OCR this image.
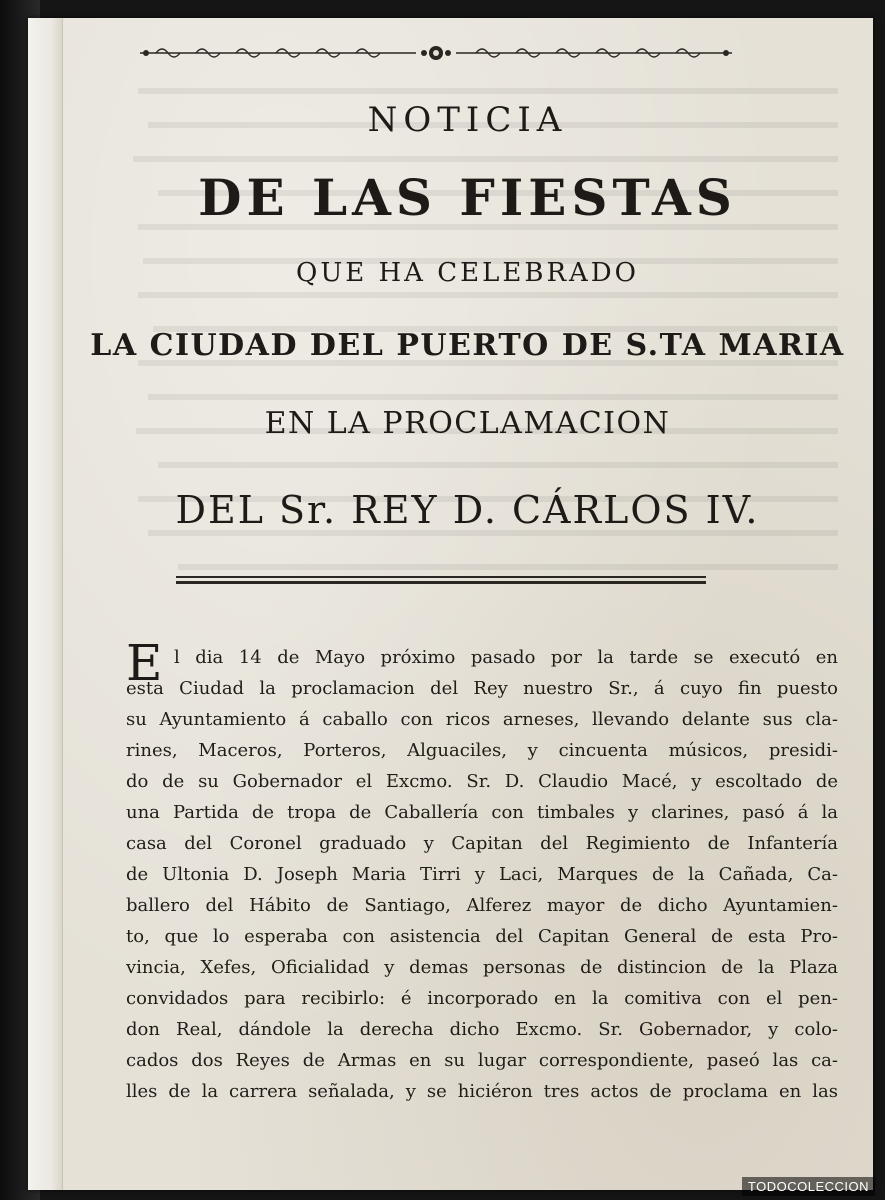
NOTICIA
DE LAS FIESTAS
QUE HA CELEBRADO
LA CIUDAD DEL PUERTO DE S.TA MARIA
EN LA PROCLAMACION
DEL Sr. REY D. CÁRLOS IV.
E l dia 14 de Mayo próximo pasado por la tarde se executó en
esta Ciudad la proclamacion del Rey nuestro Sr., á cuyo fin puesto
su Ayuntamiento á caballo con ricos arneses, llevando delante sus cla-
rines, Maceros, Porteros, Alguaciles, y cincuenta músicos, presidi-
do de su Gobernador el Excmo. Sr. D. Claudio Macé, y escoltado de
una Partida de tropa de Caballería con timbales y clarines, pasó á la
casa del Coronel graduado y Capitan del Regimiento de Infantería
de Ultonia D. Joseph Maria Tirri y Laci, Marques de la Cañada, Ca-
ballero del Hábito de Santiago, Alferez mayor de dicho Ayuntamien-
to, que lo esperaba con asistencia del Capitan General de esta Pro-
vincia, Xefes, Oficialidad y demas personas de distincion de la Plaza
convidados para recibirlo: é incorporado en la comitiva con el pen-
don Real, dándole la derecha dicho Excmo. Sr. Gobernador, y colo-
cados dos Reyes de Armas en su lugar correspondiente, paseó las ca-
lles de la carrera señalada, y se hiciéron tres actos de proclama en las
TODOCOLECCION
